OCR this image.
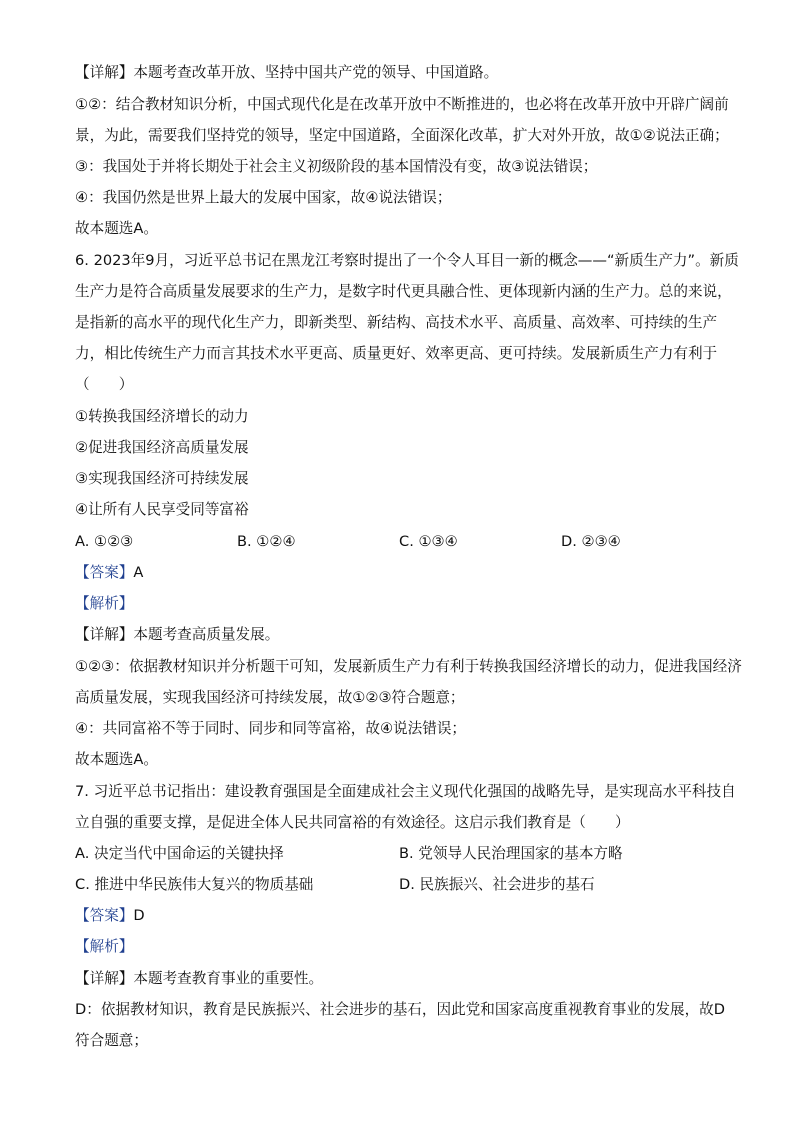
【详解】本题考查改革开放、坚持中国共产党的领导、中国道路。
①②：结合教材知识分析，中国式现代化是在改革开放中不断推进的，也必将在改革开放中开辟广阔前
景，为此，需要我们坚持党的领导，坚定中国道路，全面深化改革，扩大对外开放，故①②说法正确；
③：我国处于并将长期处于社会主义初级阶段的基本国情没有变，故③说法错误；
④：我国仍然是世界上最大的发展中国家，故④说法错误；
故本题选A。
6. 2023年9月，习近平总书记在黑龙江考察时提出了一个令人耳目一新的概念——“新质生产力”。新质
生产力是符合高质量发展要求的生产力，是数字时代更具融合性、更体现新内涵的生产力。总的来说，
是指新的高水平的现代化生产力，即新类型、新结构、高技术水平、高质量、高效率、可持续的生产
力，相比传统生产力而言其技术水平更高、质量更好、效率更高、更可持续。发展新质生产力有利于
（　　）
①转换我国经济增长的动力
②促进我国经济高质量发展
③实现我国经济可持续发展
④让所有人民享受同等富裕
A. ①②③	B. ①②④	C. ①③④	D. ②③④
【答案】A
【解析】
【详解】本题考查高质量发展。
①②③：依据教材知识并分析题干可知，发展新质生产力有利于转换我国经济增长的动力，促进我国经济
高质量发展，实现我国经济可持续发展，故①②③符合题意；
④：共同富裕不等于同时、同步和同等富裕，故④说法错误；
故本题选A。
7. 习近平总书记指出：建设教育强国是全面建成社会主义现代化强国的战略先导，是实现高水平科技自
立自强的重要支撑，是促进全体人民共同富裕的有效途径。这启示我们教育是（　　）
A. 决定当代中国命运的关键抉择	B. 党领导人民治理国家的基本方略
C. 推进中华民族伟大复兴的物质基础	D. 民族振兴、社会进步的基石
【答案】D
【解析】
【详解】本题考查教育事业的重要性。
D：依据教材知识，教育是民族振兴、社会进步的基石，因此党和国家高度重视教育事业的发展，故D
符合题意；
